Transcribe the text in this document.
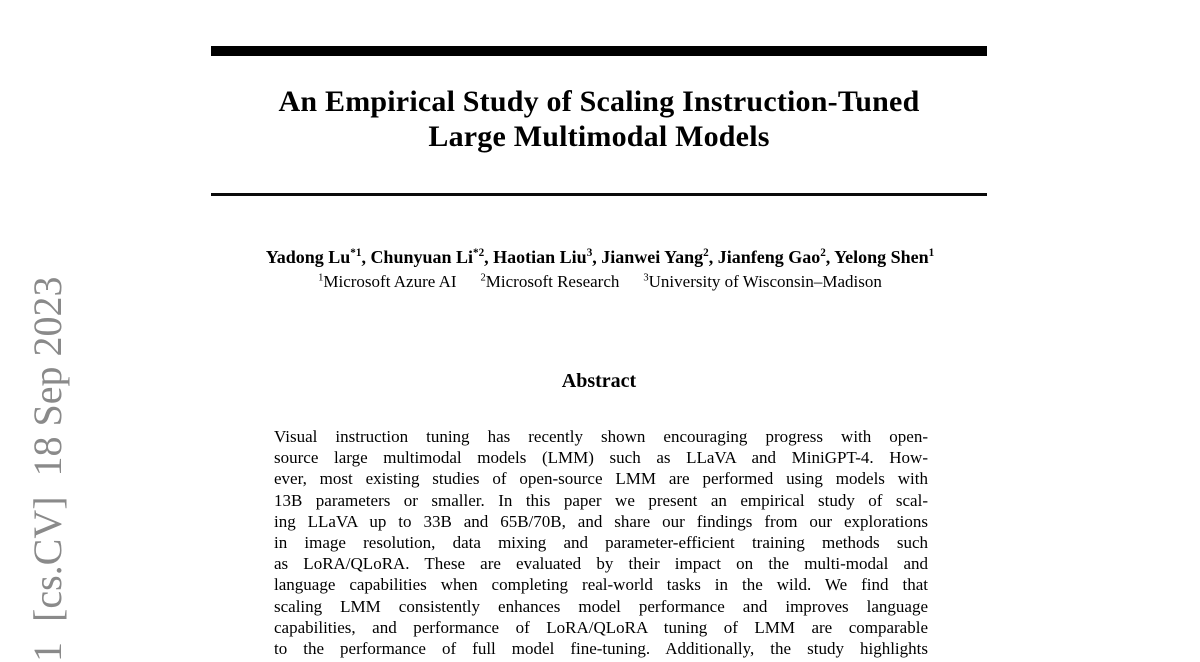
1  [cs.CV]  18 Sep 2023
An Empirical Study of Scaling Instruction-Tuned
Large Multimodal Models
Yadong Lu$^{*1}$, Chunyuan Li$^{*2}$, Haotian Liu$^3$, Jianwei Yang$^2$, Jianfeng Gao$^2$, Yelong Shen$^1$
$^1$Microsoft Azure AI $^2$Microsoft Research $^3$University of Wisconsin–Madison
Abstract
Visual instruction tuning has recently shown encouraging progress with open-
source large multimodal models (LMM) such as LLaVA and MiniGPT-4. How-
ever, most existing studies of open-source LMM are performed using models with
13B parameters or smaller. In this paper we present an empirical study of scal-
ing LLaVA up to 33B and 65B/70B, and share our findings from our explorations
in image resolution, data mixing and parameter-efficient training methods such
as LoRA/QLoRA. These are evaluated by their impact on the multi-modal and
language capabilities when completing real-world tasks in the wild. We find that
scaling LMM consistently enhances model performance and improves language
capabilities, and performance of LoRA/QLoRA tuning of LMM are comparable
to the performance of full model fine-tuning. Additionally, the study highlights
